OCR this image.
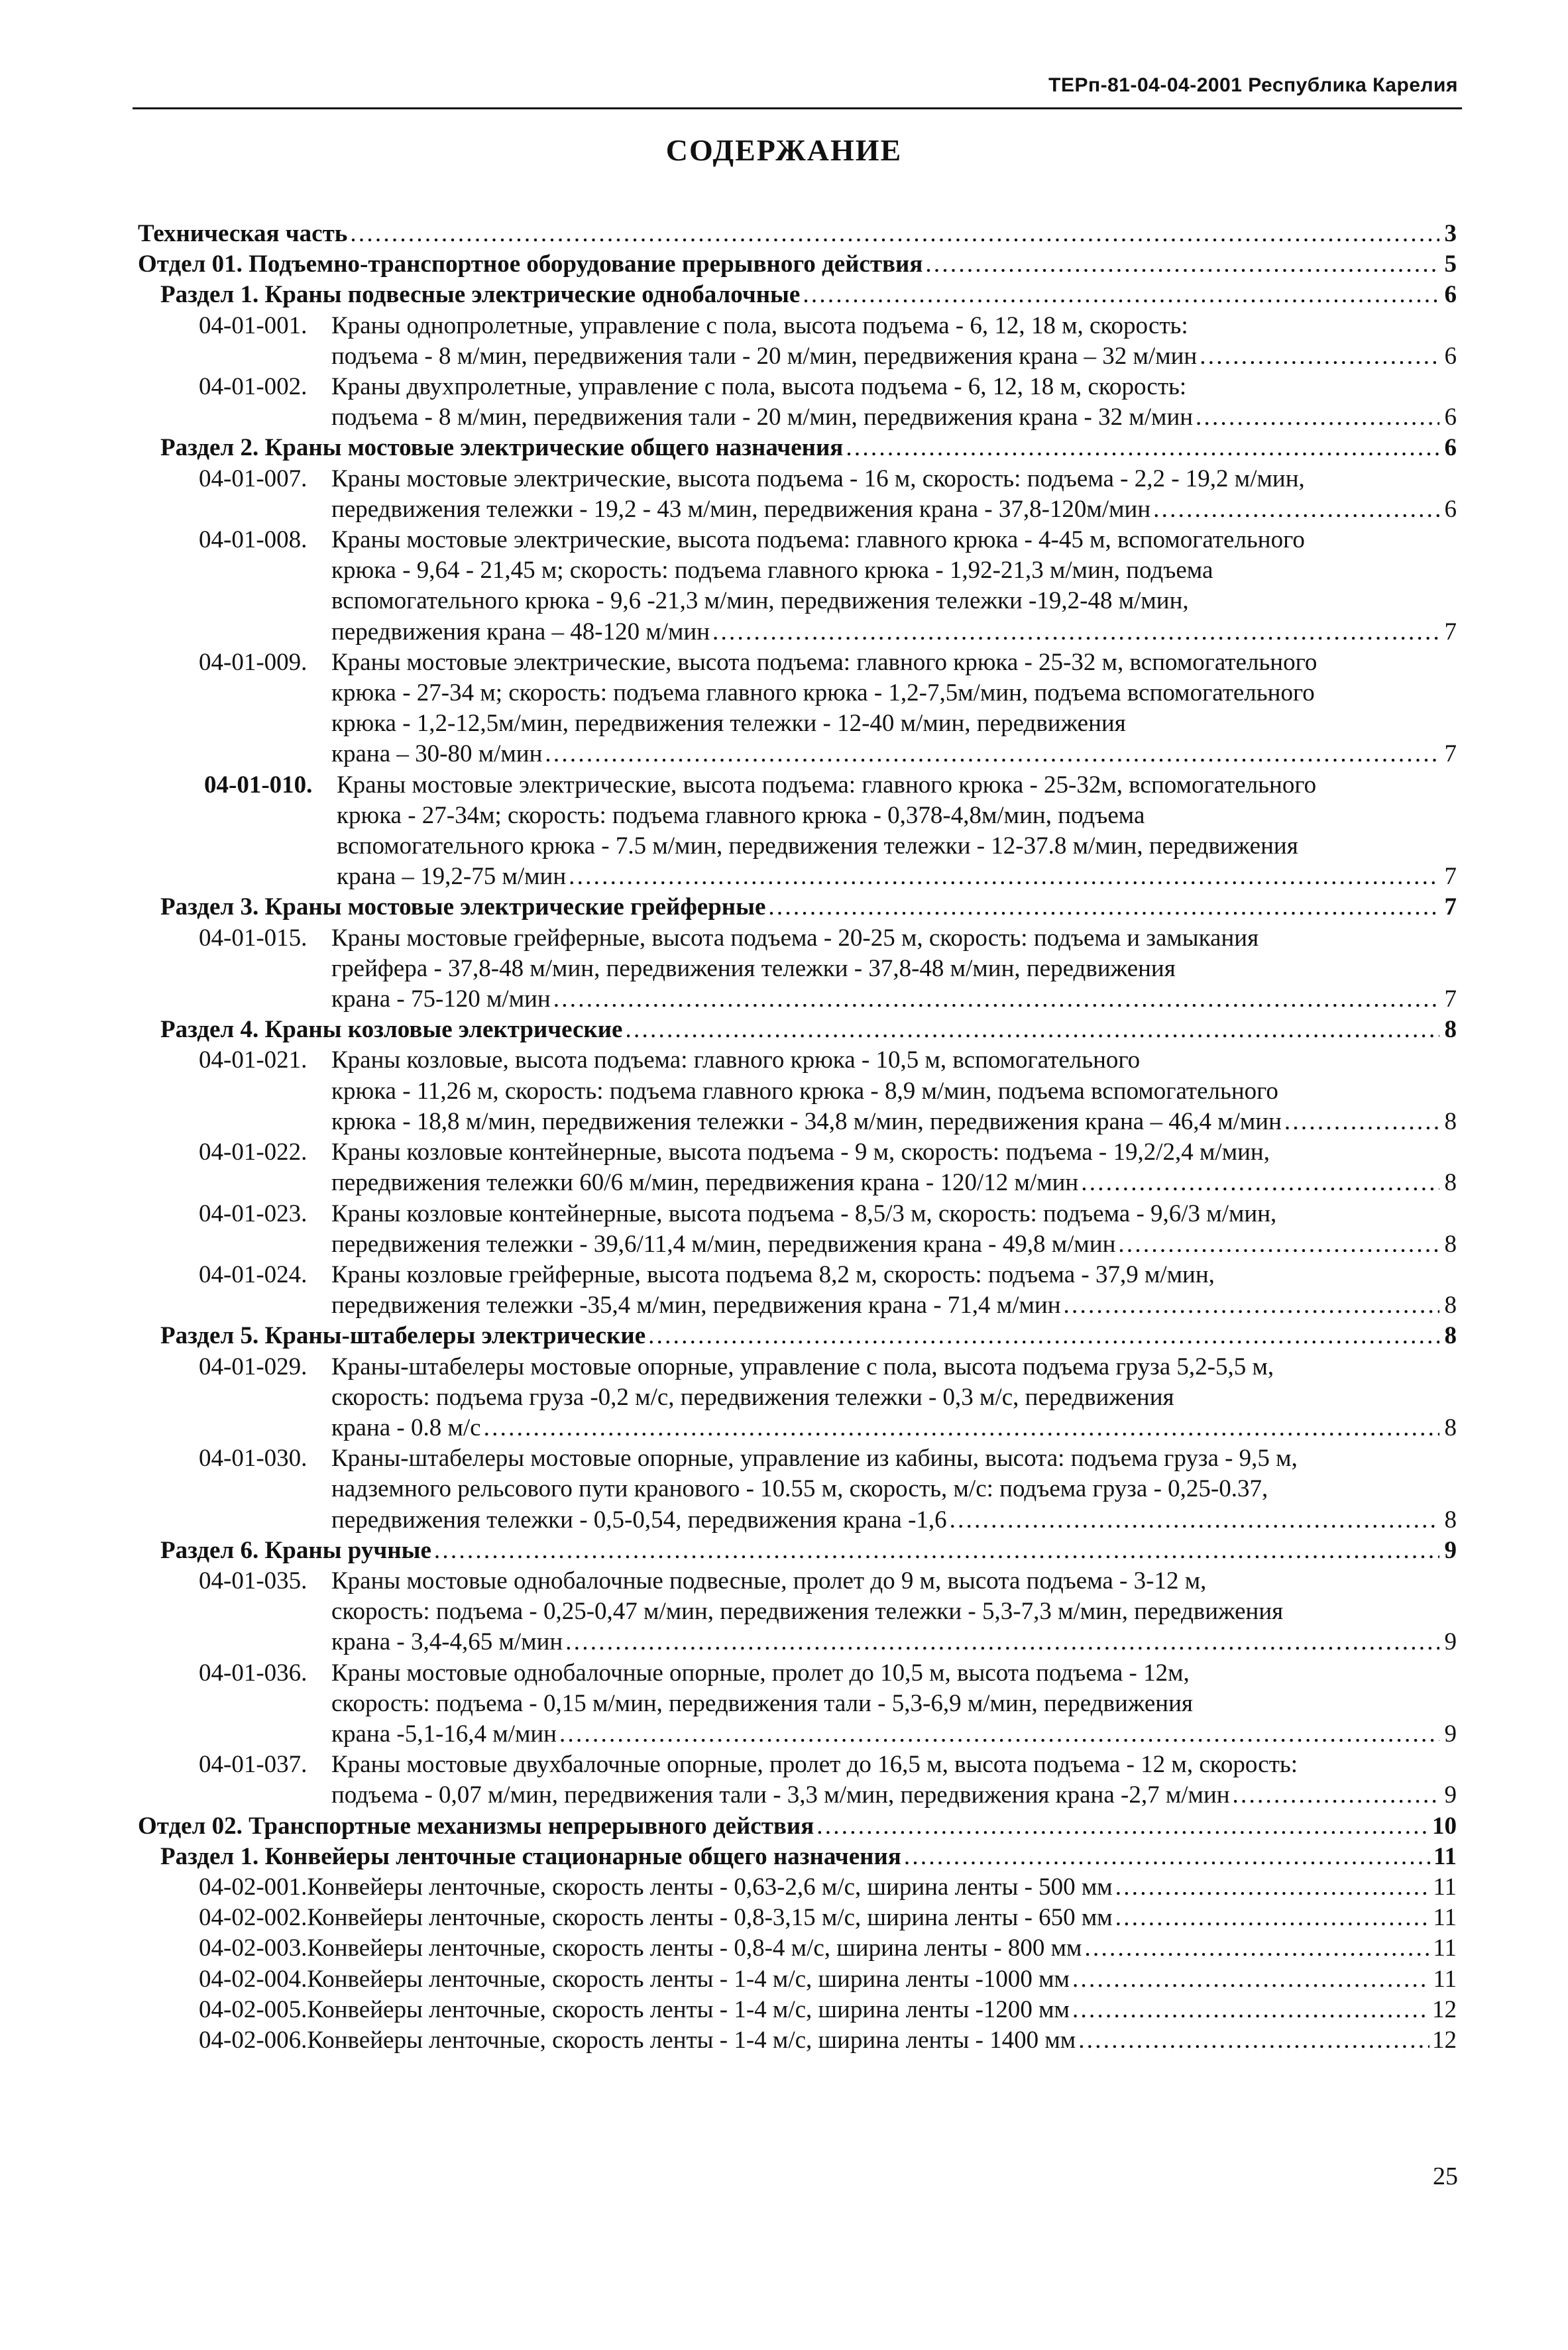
ТЕРп-81-04-04-2001 Республика Карелия
СОДЕРЖАНИЕ
Техническая часть . . .	3
Отдел 01. Подъемно-транспортное оборудование прерывного действия . . .	5
Раздел 1. Краны подвесные электрические однобалочные . . .	6
04-01-001. Краны однопролетные, управление с пола, высота подъема - 6, 12, 18 м, скорость:
подъема - 8 м/мин, передвижения тали - 20 м/мин, передвижения крана – 32 м/мин . . .	6
04-01-002. Краны двухпролетные, управление с пола, высота подъема - 6, 12, 18 м, скорость:
подъема - 8 м/мин, передвижения тали - 20 м/мин, передвижения крана - 32 м/мин . . .	6
Раздел 2. Краны мостовые электрические общего назначения . . .	6
04-01-007. Краны мостовые электрические, высота подъема - 16 м, скорость: подъема - 2,2 - 19,2 м/мин,
передвижения тележки - 19,2 - 43 м/мин, передвижения крана - 37,8-120м/мин . . .	6
04-01-008. Краны мостовые электрические, высота подъема: главного крюка - 4-45 м, вспомогательного
крюка - 9,64 - 21,45 м; скорость: подъема главного крюка - 1,92-21,3 м/мин, подъема
вспомогательного крюка - 9,6 -21,3 м/мин, передвижения тележки -19,2-48 м/мин,
передвижения крана – 48-120 м/мин . . .	7
04-01-009. Краны мостовые электрические, высота подъема: главного крюка - 25-32 м, вспомогательного
крюка - 27-34 м; скорость: подъема главного крюка - 1,2-7,5м/мин, подъема вспомогательного
крюка - 1,2-12,5м/мин, передвижения тележки - 12-40 м/мин, передвижения
крана – 30-80 м/мин . . .	7
04-01-010. Краны мостовые электрические, высота подъема: главного крюка - 25-32м, вспомогательного
крюка - 27-34м; скорость: подъема главного крюка - 0,378-4,8м/мин, подъема
вспомогательного крюка - 7.5 м/мин, передвижения тележки - 12-37.8 м/мин, передвижения
крана – 19,2-75 м/мин . . .	7
Раздел 3. Краны мостовые электрические грейферные . . .	7
04-01-015. Краны мостовые грейферные, высота подъема - 20-25 м, скорость: подъема и замыкания
грейфера - 37,8-48 м/мин, передвижения тележки - 37,8-48 м/мин, передвижения
крана - 75-120 м/мин . . .	7
Раздел 4. Краны козловые электрические . . .	8
04-01-021. Краны козловые, высота подъема: главного крюка - 10,5 м, вспомогательного
крюка - 11,26 м, скорость: подъема главного крюка - 8,9 м/мин, подъема вспомогательного
крюка - 18,8 м/мин, передвижения тележки - 34,8 м/мин, передвижения крана – 46,4 м/мин . . .	8
04-01-022. Краны козловые контейнерные, высота подъема - 9 м, скорость: подъема - 19,2/2,4 м/мин,
передвижения тележки 60/6 м/мин, передвижения крана - 120/12 м/мин . . .	8
04-01-023. Краны козловые контейнерные, высота подъема - 8,5/3 м, скорость: подъема - 9,6/3 м/мин,
передвижения тележки - 39,6/11,4 м/мин, передвижения крана - 49,8 м/мин . . .	8
04-01-024. Краны козловые грейферные, высота подъема 8,2 м, скорость: подъема - 37,9 м/мин,
передвижения тележки -35,4 м/мин, передвижения крана - 71,4 м/мин . . .	8
Раздел 5. Краны-штабелеры электрические . . .	8
04-01-029. Краны-штабелеры мостовые опорные, управление с пола, высота подъема груза 5,2-5,5 м,
скорость: подъема груза -0,2 м/с, передвижения тележки - 0,3 м/с, передвижения
крана - 0.8 м/с . . .	8
04-01-030. Краны-штабелеры мостовые опорные, управление из кабины, высота: подъема груза - 9,5 м,
надземного рельсового пути кранового - 10.55 м, скорость, м/с: подъема груза - 0,25-0.37,
передвижения тележки - 0,5-0,54, передвижения крана -1,6 . . .	8
Раздел 6. Краны ручные . . .	9
04-01-035. Краны мостовые однобалочные подвесные, пролет до 9 м, высота подъема - 3-12 м,
скорость: подъема - 0,25-0,47 м/мин, передвижения тележки - 5,3-7,3 м/мин, передвижения
крана - 3,4-4,65 м/мин . . .	9
04-01-036. Краны мостовые однобалочные опорные, пролет до 10,5 м, высота подъема - 12м,
скорость: подъема - 0,15 м/мин, передвижения тали - 5,3-6,9 м/мин, передвижения
крана -5,1-16,4 м/мин . . .	9
04-01-037. Краны мостовые двухбалочные опорные, пролет до 16,5 м, высота подъема - 12 м, скорость:
подъема - 0,07 м/мин, передвижения тали - 3,3 м/мин, передвижения крана -2,7 м/мин . . .	9
Отдел 02. Транспортные механизмы непрерывного действия . . .	10
Раздел 1. Конвейеры ленточные стационарные общего назначения . . .	11
04-02-001. Конвейеры ленточные, скорость ленты - 0,63-2,6 м/с, ширина ленты - 500 мм . . .	11
04-02-002. Конвейеры ленточные, скорость ленты - 0,8-3,15 м/с, ширина ленты - 650 мм . . .	11
04-02-003. Конвейеры ленточные, скорость ленты - 0,8-4 м/с, ширина ленты - 800 мм . . .	11
04-02-004. Конвейеры ленточные, скорость ленты - 1-4 м/с, ширина ленты -1000 мм . . .	11
04-02-005. Конвейеры ленточные, скорость ленты - 1-4 м/с, ширина ленты -1200 мм . . .	12
04-02-006. Конвейеры ленточные, скорость ленты - 1-4 м/с, ширина ленты - 1400 мм . . .	12
25
